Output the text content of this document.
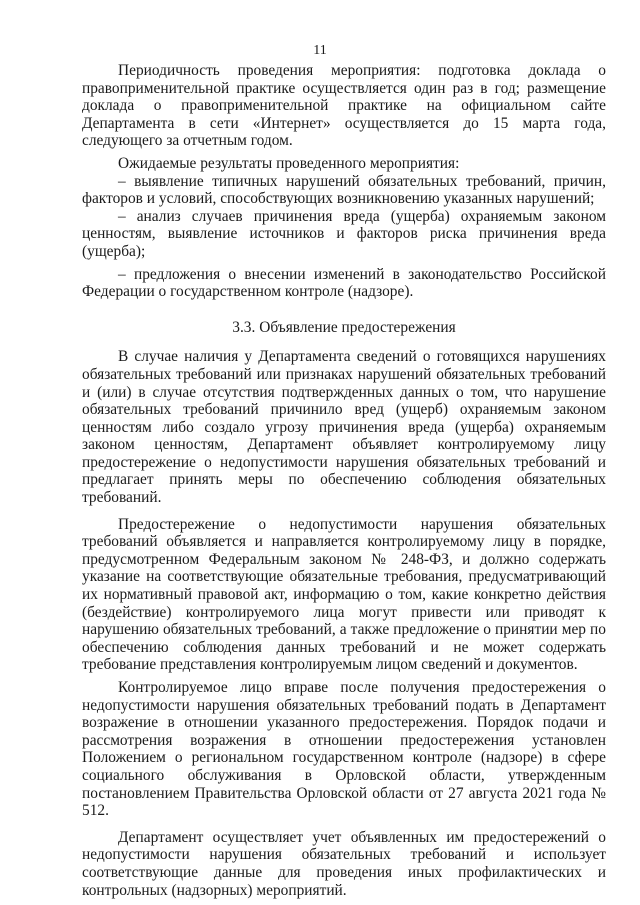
11

Периодичность проведения мероприятия: подготовка доклада о правоприменительной практике осуществляется один раз в год; размещение доклада о правоприменительной практике на официальном сайте Департамента в сети «Интернет» осуществляется до 15 марта года, следующего за отчетным годом.

Ожидаемые результаты проведенного мероприятия:

– выявление типичных нарушений обязательных требований, причин, факторов и условий, способствующих возникновению указанных нарушений;

– анализ случаев причинения вреда (ущерба) охраняемым законом ценностям, выявление источников и факторов риска причинения вреда (ущерба);

– предложения о внесении изменений в законодательство Российской Федерации о государственном контроле (надзоре).

3.3. Объявление предостережения

В случае наличия у Департамента сведений о готовящихся нарушениях обязательных требований или признаках нарушений обязательных требований и (или) в случае отсутствия подтвержденных данных о том, что нарушение обязательных требований причинило вред (ущерб) охраняемым законом ценностям либо создало угрозу причинения вреда (ущерба) охраняемым законом ценностям, Департамент объявляет контролируемому лицу предостережение о недопустимости нарушения обязательных требований и предлагает принять меры по обеспечению соблюдения обязательных требований.

Предостережение о недопустимости нарушения обязательных требований объявляется и направляется контролируемому лицу в порядке, предусмотренном Федеральным законом № 248-ФЗ, и должно содержать указание на соответствующие обязательные требования, предусматривающий их нормативный правовой акт, информацию о том, какие конкретно действия (бездействие) контролируемого лица могут привести или приводят к нарушению обязательных требований, а также предложение о принятии мер по обеспечению соблюдения данных требований и не может содержать требование представления контролируемым лицом сведений и документов.

Контролируемое лицо вправе после получения предостережения о недопустимости нарушения обязательных требований подать в Департамент возражение в отношении указанного предостережения. Порядок подачи и рассмотрения возражения в отношении предостережения установлен Положением о региональном государственном контроле (надзоре) в сфере социального обслуживания в Орловской области, утвержденным постановлением Правительства Орловской области от 27 августа 2021 года № 512.

Департамент осуществляет учет объявленных им предостережений о недопустимости нарушения обязательных требований и использует соответствующие данные для проведения иных профилактических и контрольных (надзорных) мероприятий.
